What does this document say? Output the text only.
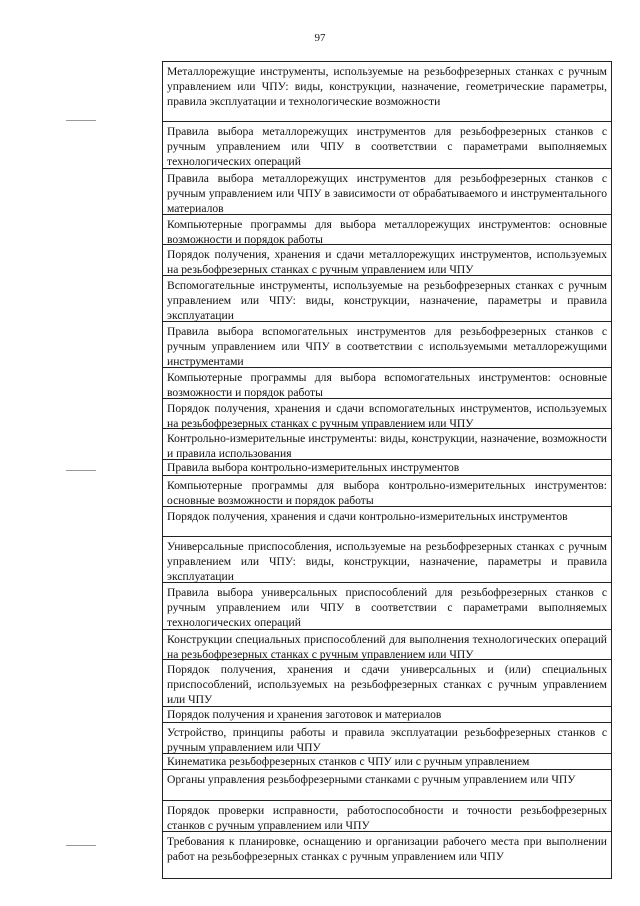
97
Металлорежущие инструменты, используемые на резьбофрезерных станках с ручным управлением или ЧПУ: виды, конструкции, назначение, геометрические параметры, правила эксплуатации и технологические возможности
Правила выбора металлорежущих инструментов для резьбофрезерных станков с ручным управлением или ЧПУ в соответствии с параметрами выполняемых технологических операций
Правила выбора металлорежущих инструментов для резьбофрезерных станков с ручным управлением или ЧПУ в зависимости от обрабатываемого и инструментального материалов
Компьютерные программы для выбора металлорежущих инструментов: основные возможности и порядок работы
Порядок получения, хранения и сдачи металлорежущих инструментов, используемых на резьбофрезерных станках с ручным управлением или ЧПУ
Вспомогательные инструменты, используемые на резьбофрезерных станках с ручным управлением или ЧПУ: виды, конструкции, назначение, параметры и правила эксплуатации
Правила выбора вспомогательных инструментов для резьбофрезерных станков с ручным управлением или ЧПУ в соответствии с используемыми металлорежущими инструментами
Компьютерные программы для выбора вспомогательных инструментов: основные возможности и порядок работы
Порядок получения, хранения и сдачи вспомогательных инструментов, используемых на резьбофрезерных станках с ручным управлением или ЧПУ
Контрольно-измерительные инструменты: виды, конструкции, назначение, возможности и правила использования
Правила выбора контрольно-измерительных инструментов
Компьютерные программы для выбора контрольно-измерительных инструментов: основные возможности и порядок работы
Порядок получения, хранения и сдачи контрольно-измерительных инструментов
Универсальные приспособления, используемые на резьбофрезерных станках с ручным управлением или ЧПУ: виды, конструкции, назначение, параметры и правила эксплуатации
Правила выбора универсальных приспособлений для резьбофрезерных станков с ручным управлением или ЧПУ в соответствии с параметрами выполняемых технологических операций
Конструкции специальных приспособлений для выполнения технологических операций на резьбофрезерных станках с ручным управлением или ЧПУ
Порядок получения, хранения и сдачи универсальных и (или) специальных приспособлений, используемых на резьбофрезерных станках с ручным управлением или ЧПУ
Порядок получения и хранения заготовок и материалов
Устройство, принципы работы и правила эксплуатации резьбофрезерных станков с ручным управлением или ЧПУ
Кинематика резьбофрезерных станков с ЧПУ или с ручным управлением
Органы управления резьбофрезерными станками с ручным управлением или ЧПУ
Порядок проверки исправности, работоспособности и точности резьбофрезерных станков с ручным управлением или ЧПУ
Требования к планировке, оснащению и организации рабочего места при выполнении работ на резьбофрезерных станках с ручным управлением или ЧПУ
